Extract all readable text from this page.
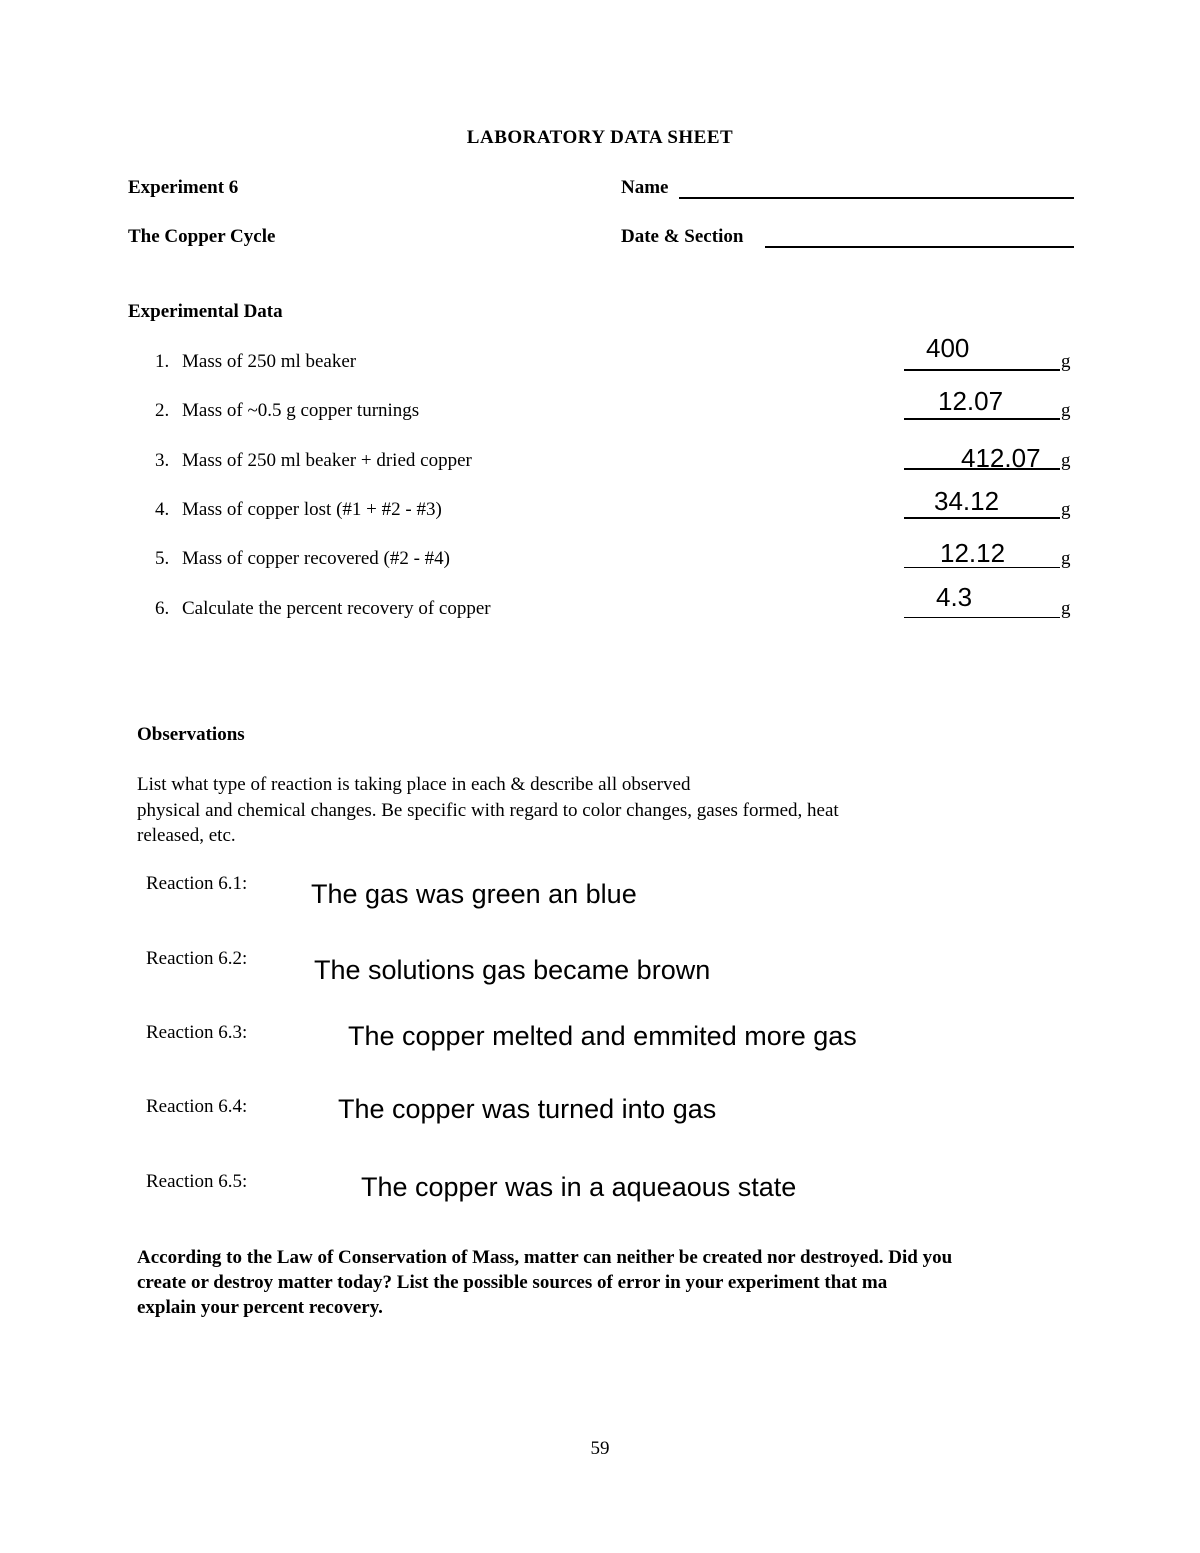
LABORATORY DATA SHEET
Experiment 6
The Copper Cycle
Name
Date & Section
Experimental Data
1. Mass of 250 ml beaker	400	g
2. Mass of ~0.5 g copper turnings	12.07	g
3. Mass of 250 ml beaker + dried copper	412.07 g
4. Mass of copper lost (#1 + #2 - #3)	34.12	g
5. Mass of copper recovered (#2 - #4)	12.12	g
6. Calculate the percent recovery of copper	4.3	g
Observations
List what type of reaction is taking place in each & describe all observed
physical and chemical changes. Be specific with regard to color changes, gases formed, heat
released, etc.
Reaction 6.1: The gas was green an blue
Reaction 6.2: The solutions gas became brown
Reaction 6.3:	The copper melted and emmited more gas
Reaction 6.4:	The copper was turned into gas
Reaction 6.5:	The copper was in a aqueaous state
According to the Law of Conservation of Mass, matter can neither be created nor destroyed. Did you
create or destroy matter today? List the possible sources of error in your experiment that ma
explain your percent recovery.
59
